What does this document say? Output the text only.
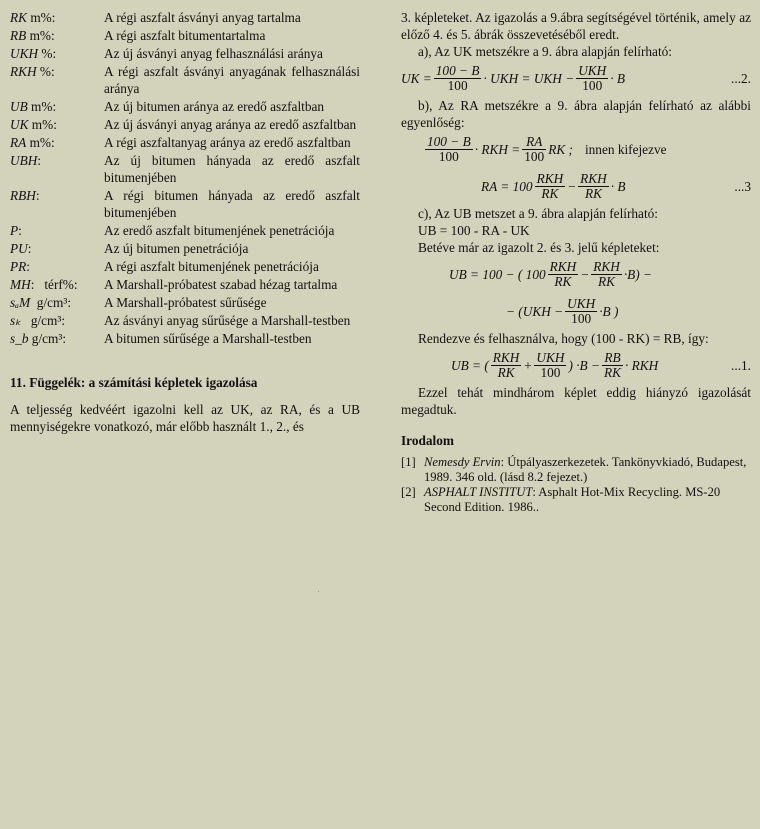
RK m%:	A régi aszfalt ásványi anyag tartalma
RB m%:	A régi aszfalt bitumentartalma
UKH %:	Az új ásványi anyag felhasználási aránya
RKH %:	A régi aszfalt ásványi anyagának felhasználási aránya
UB m%:	Az új bitumen aránya az eredő aszfaltban
UK m%:	Az új ásványi anyag aránya az eredő aszfaltban
RA m%:	A régi aszfaltanyag aránya az eredő aszfaltban
UBH:	Az új bitumen hányada az eredő aszfalt bitumenjében
RBH:	A régi bitumen hányada az eredő aszfalt bitumenjében
P:	Az eredő aszfalt bitumenjének penetrációja
PU:	Az új bitumen penetrációja
PR:	A régi aszfalt bitumenjének penetrációja
MH:   térf%:	A Marshall-próbatest szabad hézag tartalma
sₐM  g/cm³:	A Marshall-próbatest sűrűsége
sₖ   g/cm³:	Az ásványi anyag sűrűsége a Marshall-testben
s_b g/cm³:	A bitumen sűrűsége a Marshall-testben
11. Függelék: a számítási képletek igazolása

A teljesség kedvéért igazolni kell az UK, az RA, és a UB mennyiségekre vonatkozó, már előbb használt 1., 2., és

3. képleteket. Az igazolás a 9.ábra segítségével történik, amely az előző 4. és 5. ábrák összevetéséből eredt.

a), Az UK metszékre a 9. ábra alapján felírható:

UK = $\frac{100 - B}{100}$ · UKH = UKH − $\frac{\text{UKH}}{100} \cdot B$	...2.

b), Az RA metszékre a 9. ábra alapján felírható az alábbi egyenlőség:

$\frac{100 - B}{100}$ · RKH = $\frac{RA}{100}$ RK ; innen kifejezve
RA = $100 \frac{\text{RKH}}{RK} - \frac{\text{RKH}}{RK} \cdot B$	...3

c), Az UB metszet a 9. ábra alapján felírható:

UB = 100 - RA - UK

Betéve már az igazolt 2. és 3. jelű képleteket:

UB = 100 − ( $100 \frac{\text{RKH}}{RK} - \frac{\text{RKH}}{RK} \cdot B$) −
− ($UKH - \frac{\text{UKH}}{100} \cdot B$ )

Rendezve és felhasználva, hogy (100 - RK) = RB, így:

UB = ( $\frac{\text{RKH}}{RK} + \frac{\text{UKH}}{100}$ ) $\cdot B - \frac{RB}{RK}$ · RKH	...1.

Ezzel tehát mindhárom képlet eddig hiányzó igazolását megadtuk.

Irodalom
[1] Nemesdy Ervin: Útpályaszerkezetek. Tankönyvkiadó, Budapest, 1989. 346 old. (lásd 8.2 fejezet.)
[2] ASPHALT INSTITUT: Asphalt Hot-Mix Recycling. MS-20 Second Edition. 1986..
